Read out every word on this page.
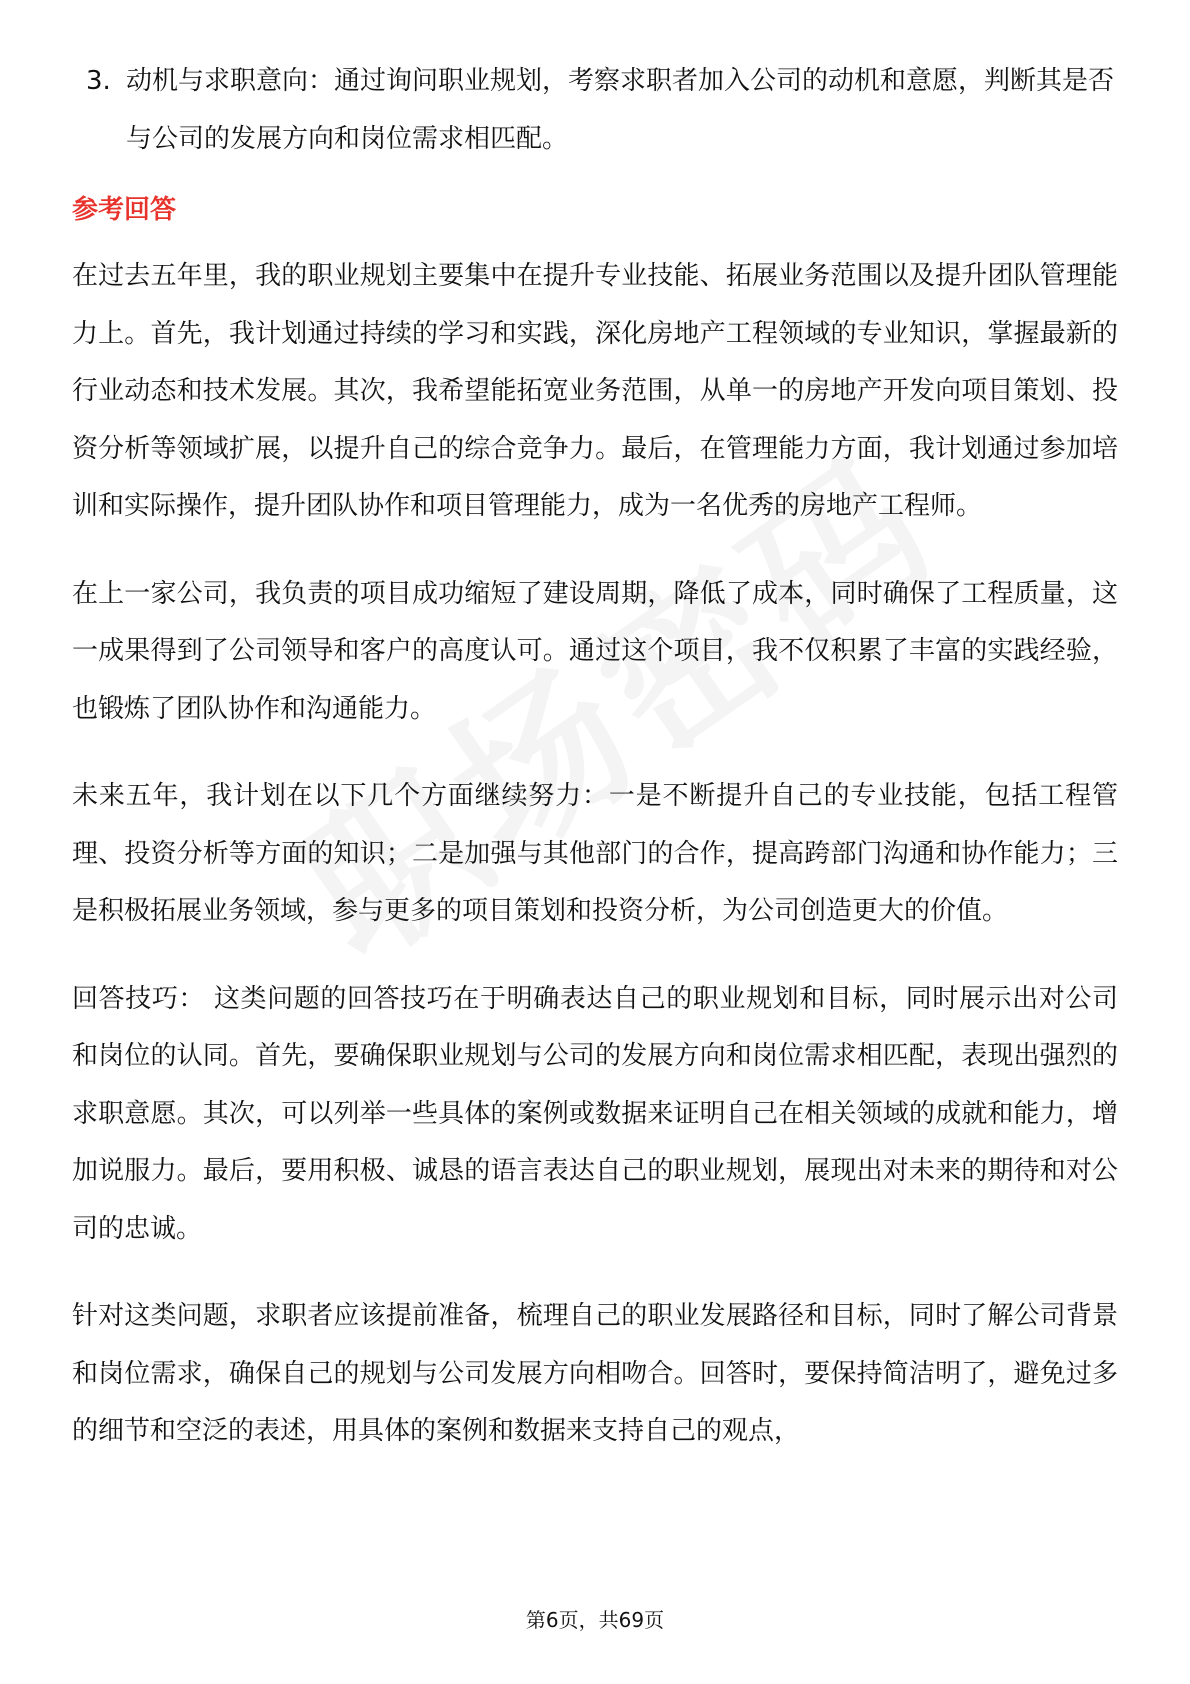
3. 动机与求职意向：通过询问职业规划，考察求职者加入公司的动机和意愿，判断其是否与公司的发展方向和岗位需求相匹配。
参考回答

在过去五年里，我的职业规划主要集中在提升专业技能、拓展业务范围以及提升团队管理能力上。首先，我计划通过持续的学习和实践，深化房地产工程领域的专业知识，掌握最新的行业动态和技术发展。其次，我希望能拓宽业务范围，从单一的房地产开发向项目策划、投资分析等领域扩展，以提升自己的综合竞争力。最后，在管理能力方面，我计划通过参加培训和实际操作，提升团队协作和项目管理能力，成为一名优秀的房地产工程师。

在上一家公司，我负责的项目成功缩短了建设周期，降低了成本，同时确保了工程质量，这一成果得到了公司领导和客户的高度认可。通过这个项目，我不仅积累了丰富的实践经验，也锻炼了团队协作和沟通能力。

未来五年，我计划在以下几个方面继续努力：一是不断提升自己的专业技能，包括工程管理、投资分析等方面的知识；二是加强与其他部门的合作，提高跨部门沟通和协作能力；三是积极拓展业务领域，参与更多的项目策划和投资分析，为公司创造更大的价值。

回答技巧： 这类问题的回答技巧在于明确表达自己的职业规划和目标，同时展示出对公司和岗位的认同。首先，要确保职业规划与公司的发展方向和岗位需求相匹配，表现出强烈的求职意愿。其次，可以列举一些具体的案例或数据来证明自己在相关领域的成就和能力，增加说服力。最后，要用积极、诚恳的语言表达自己的职业规划，展现出对未来的期待和对公司的忠诚。

针对这类问题，求职者应该提前准备，梳理自己的职业发展路径和目标，同时了解公司背景和岗位需求，确保自己的规划与公司发展方向相吻合。回答时，要保持简洁明了，避免过多的细节和空泛的表述，用具体的案例和数据来支持自己的观点，

第6页，共69页
